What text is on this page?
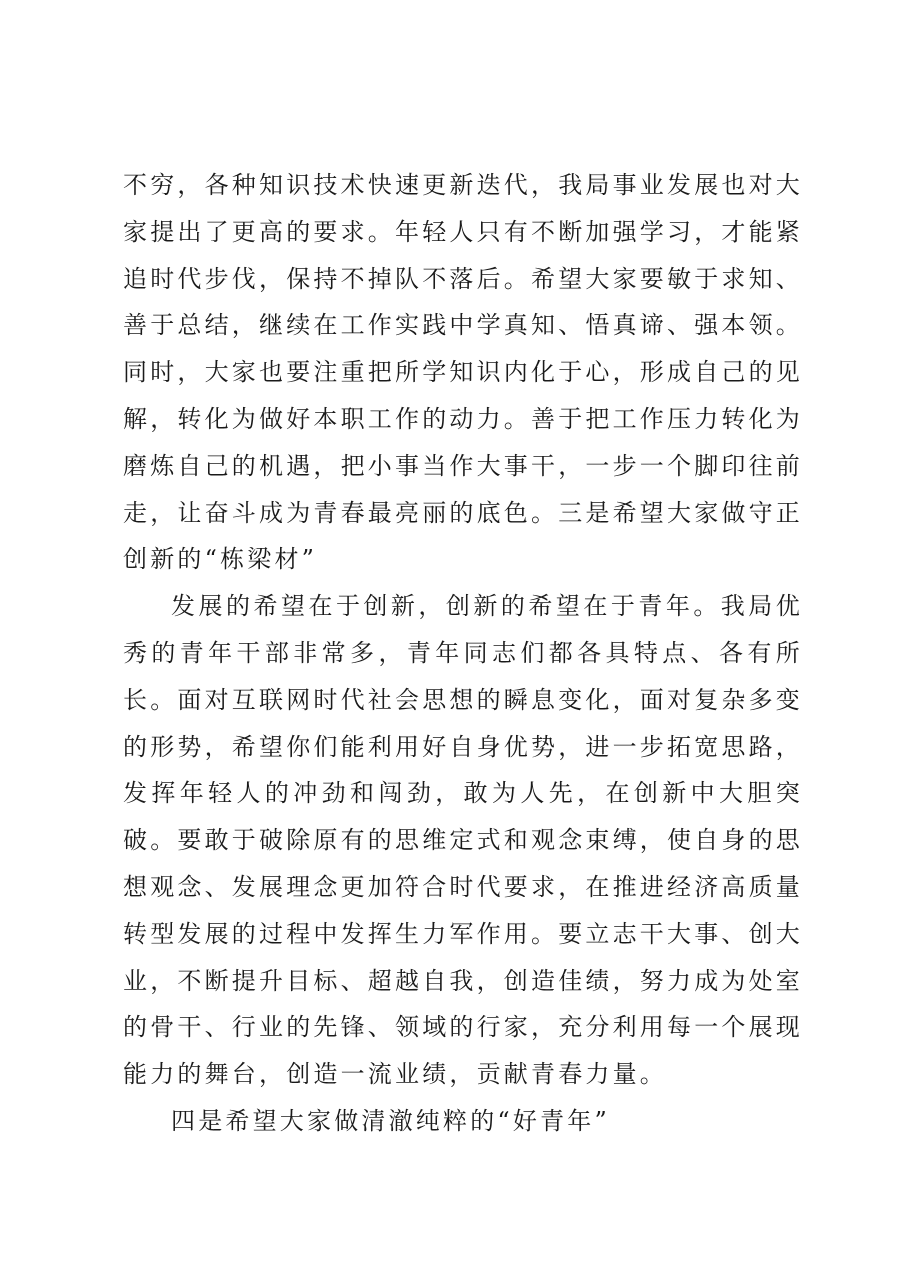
不穷，各种知识技术快速更新迭代，我局事业发展也对大家提出了更高的要求。年轻人只有不断加强学习，才能紧追时代步伐，保持不掉队不落后。希望大家要敏于求知、善于总结，继续在工作实践中学真知、悟真谛、强本领。同时，大家也要注重把所学知识内化于心，形成自己的见解，转化为做好本职工作的动力。善于把工作压力转化为磨炼自己的机遇，把小事当作大事干，一步一个脚印往前走，让奋斗成为青春最亮丽的底色。三是希望大家做守正创新的“栋梁材”

发展的希望在于创新，创新的希望在于青年。我局优秀的青年干部非常多，青年同志们都各具特点、各有所长。面对互联网时代社会思想的瞬息变化，面对复杂多变的形势，希望你们能利用好自身优势，进一步拓宽思路，发挥年轻人的冲劲和闯劲，敢为人先，在创新中大胆突破。要敢于破除原有的思维定式和观念束缚，使自身的思想观念、发展理念更加符合时代要求，在推进经济高质量转型发展的过程中发挥生力军作用。要立志干大事、创大业，不断提升目标、超越自我，创造佳绩，努力成为处室的骨干、行业的先锋、领域的行家，充分利用每一个展现能力的舞台，创造一流业绩，贡献青春力量。

四是希望大家做清澈纯粹的“好青年”
